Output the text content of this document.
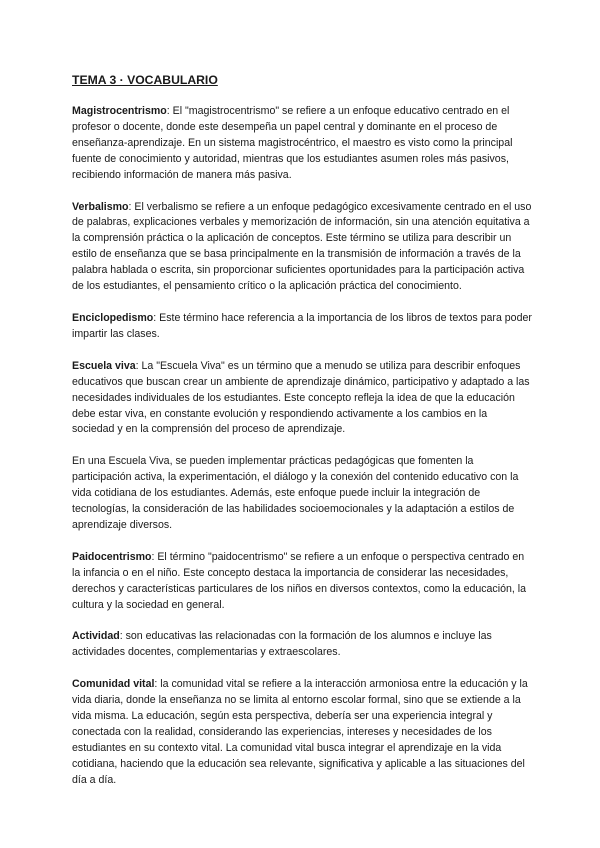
TEMA 3 · VOCABULARIO

Magistrocentrismo: El "magistrocentrismo" se refiere a un enfoque educativo centrado en el profesor o docente, donde este desempeña un papel central y dominante en el proceso de enseñanza-aprendizaje. En un sistema magistrocéntrico, el maestro es visto como la principal fuente de conocimiento y autoridad, mientras que los estudiantes asumen roles más pasivos, recibiendo información de manera más pasiva.

Verbalismo: El verbalismo se refiere a un enfoque pedagógico excesivamente centrado en el uso de palabras, explicaciones verbales y memorización de información, sin una atención equitativa a la comprensión práctica o la aplicación de conceptos. Este término se utiliza para describir un estilo de enseñanza que se basa principalmente en la transmisión de información a través de la palabra hablada o escrita, sin proporcionar suficientes oportunidades para la participación activa de los estudiantes, el pensamiento crítico o la aplicación práctica del conocimiento.

Enciclopedismo: Este término hace referencia a la importancia de los libros de textos para poder impartir las clases.

Escuela viva: La "Escuela Viva" es un término que a menudo se utiliza para describir enfoques educativos que buscan crear un ambiente de aprendizaje dinámico, participativo y adaptado a las necesidades individuales de los estudiantes. Este concepto refleja la idea de que la educación debe estar viva, en constante evolución y respondiendo activamente a los cambios en la sociedad y en la comprensión del proceso de aprendizaje.

En una Escuela Viva, se pueden implementar prácticas pedagógicas que fomenten la participación activa, la experimentación, el diálogo y la conexión del contenido educativo con la vida cotidiana de los estudiantes. Además, este enfoque puede incluir la integración de tecnologías, la consideración de las habilidades socioemocionales y la adaptación a estilos de aprendizaje diversos.

Paidocentrismo: El término "paidocentrismo" se refiere a un enfoque o perspectiva centrado en la infancia o en el niño. Este concepto destaca la importancia de considerar las necesidades, derechos y características particulares de los niños en diversos contextos, como la educación, la cultura y la sociedad en general.

Actividad: son educativas las relacionadas con la formación de los alumnos e incluye las actividades docentes, complementarias y extraescolares.

Comunidad vital: la comunidad vital se refiere a la interacción armoniosa entre la educación y la vida diaria, donde la enseñanza no se limita al entorno escolar formal, sino que se extiende a la vida misma. La educación, según esta perspectiva, debería ser una experiencia integral y conectada con la realidad, considerando las experiencias, intereses y necesidades de los estudiantes en su contexto vital. La comunidad vital busca integrar el aprendizaje en la vida cotidiana, haciendo que la educación sea relevante, significativa y aplicable a las situaciones del día a día.
